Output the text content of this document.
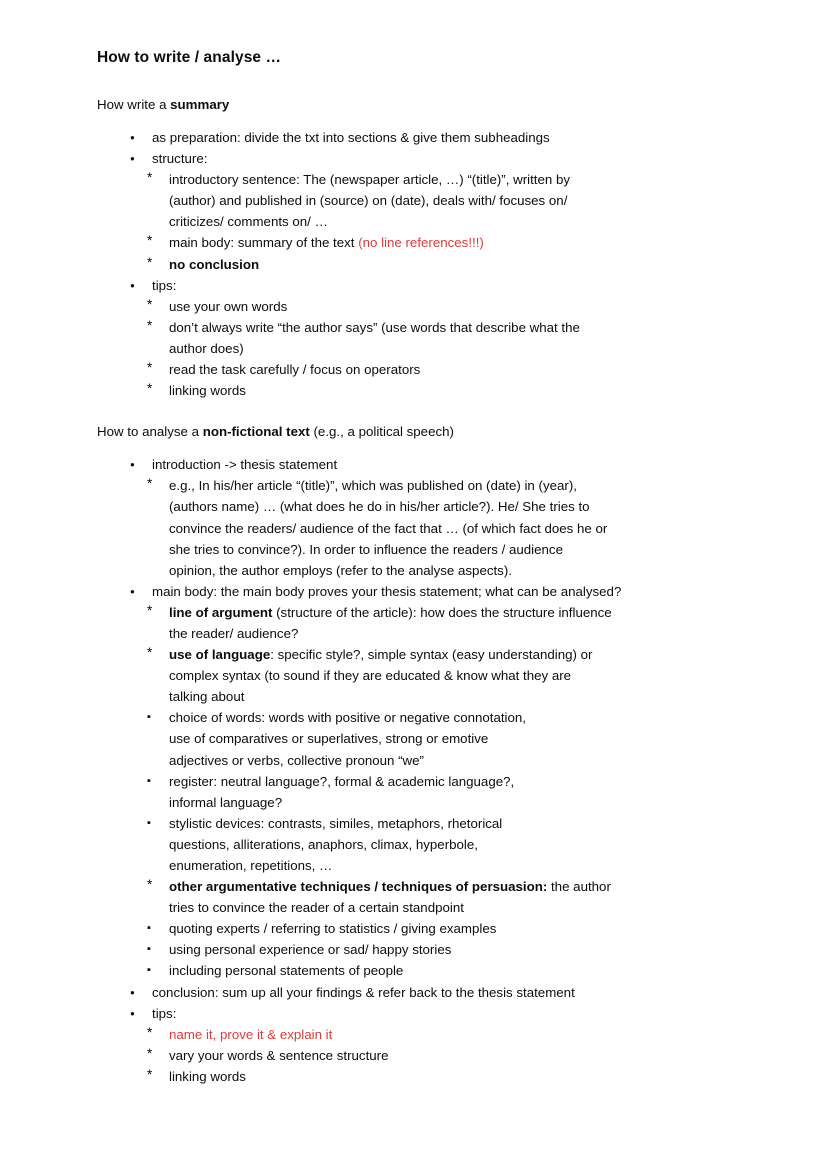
How to write / analyse …

How write a summary

●
as preparation: divide the txt into sections & give them subheadings
●
structure:
*
introductory sentence: The (newspaper article, …) “(title)”, written by (author) and published in (source) on (date), deals with/ focuses on/ criticizes/ comments on/ …
*
main body: summary of the text (no line references!!!)
*
no conclusion
●
tips:
*
use your own words
*
don’t always write “the author says” (use words that describe what the author does)
*
read the task carefully / focus on operators
*
linking words

How to analyse a non-fictional text (e.g., a political speech)

●
introduction -> thesis statement
*
e.g., In his/her article “(title)”, which was published on (date) in (year), (authors name) … (what does he do in his/her article?). He/ She tries to convince the readers/ audience of the fact that … (of which fact does he or she tries to convince?). In order to influence the readers / audience opinion, the author employs (refer to the analyse aspects).
●
main body: the main body proves your thesis statement; what can be analysed?
*
line of argument (structure of the article): how does the structure influence the reader/ audience?
*
use of language: specific style?, simple syntax (easy understanding) or complex syntax (to sound if they are educated & know what they are talking about
▪
choice of words: words with positive or negative connotation, use of comparatives or superlatives, strong or emotive adjectives or verbs, collective pronoun “we”
▪
register: neutral language?, formal & academic language?, informal language?
▪
stylistic devices: contrasts, similes, metaphors, rhetorical questions, alliterations, anaphors, climax, hyperbole, enumeration, repetitions, …
*
other argumentative techniques / techniques of persuasion: the author tries to convince the reader of a certain standpoint
▪
quoting experts / referring to statistics / giving examples
▪
using personal experience or sad/ happy stories
▪
including personal statements of people
●
conclusion: sum up all your findings & refer back to the thesis statement
●
tips:
*
name it, prove it & explain it
*
vary your words & sentence structure
*
linking words
